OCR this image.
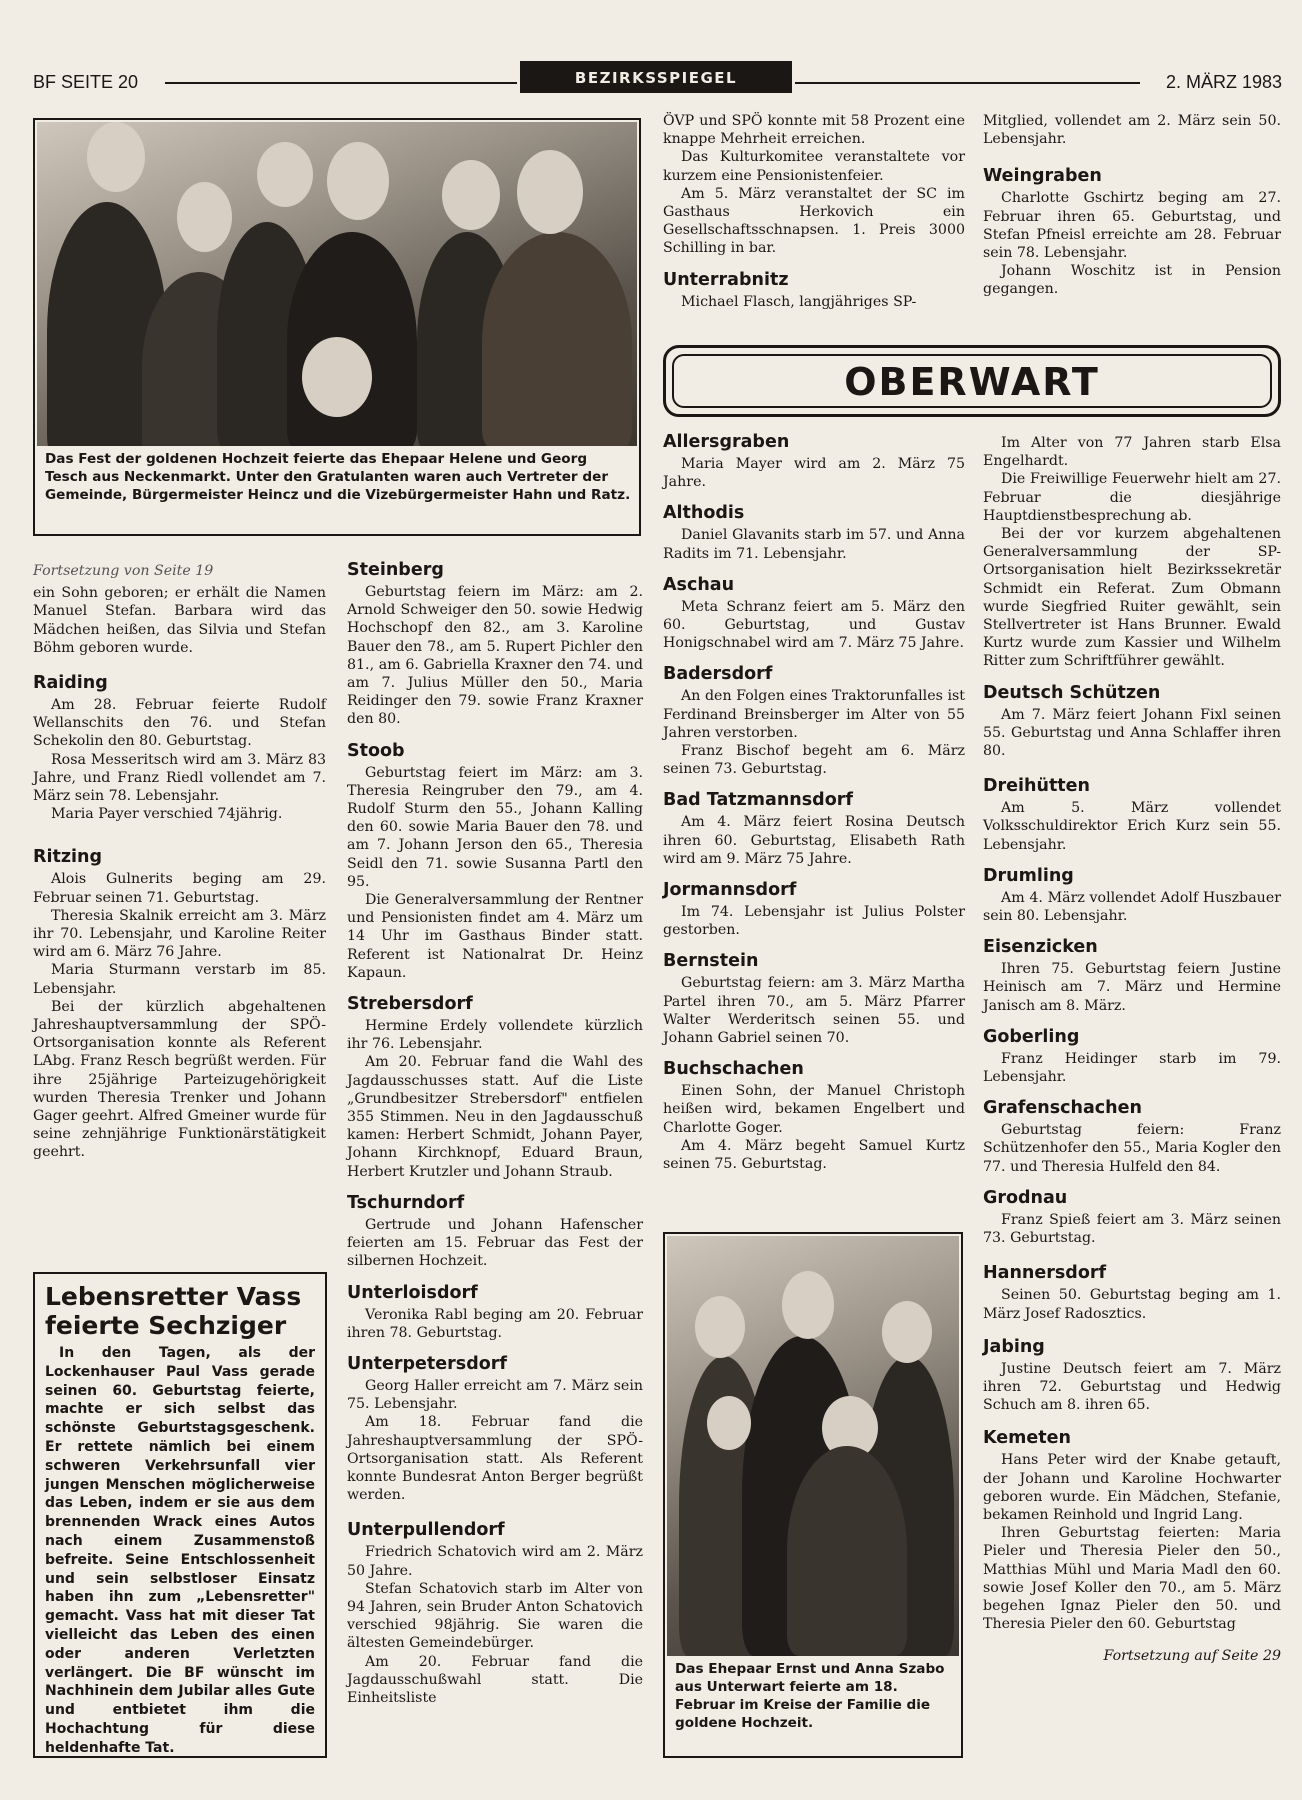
BF SEITE 20	BEZIRKSSPIEGEL	2. MÄRZ 1983
Das Fest der goldenen Hochzeit feierte das Ehepaar Helene und Georg Tesch aus Neckenmarkt. Unter den Gratulanten waren auch Vertreter der Gemeinde, Bürgermeister Heincz und die Vizebürgermeister Hahn und Ratz.

Fortsetzung von Seite 19

ein Sohn geboren; er erhält die Namen Manuel Stefan. Barbara wird das Mädchen heißen, das Silvia und Stefan Böhm geboren wurde.

Raiding

Am 28. Februar feierte Rudolf Wellanschits den 76. und Stefan Schekolin den 80. Geburtstag.

Rosa Messeritsch wird am 3. März 83 Jahre, und Franz Riedl vollendet am 7. März sein 78. Lebensjahr.

Maria Payer verschied 74jährig.

Ritzing

Alois Gulnerits beging am 29. Februar seinen 71. Geburtstag.

Theresia Skalnik erreicht am 3. März ihr 70. Lebensjahr, und Karoline Reiter wird am 6. März 76 Jahre.

Maria Sturmann verstarb im 85. Lebensjahr.

Bei der kürzlich abgehaltenen Jahreshauptversammlung der SPÖ-Ortsorganisation konnte als Referent LAbg. Franz Resch begrüßt werden. Für ihre 25jährige Parteizugehörigkeit wurden Theresia Trenker und Johann Gager geehrt. Alfred Gmeiner wurde für seine zehnjährige Funktionärstätigkeit geehrt.

Lebensretter Vass feierte Sechziger

In den Tagen, als der Lockenhauser Paul Vass gerade seinen 60. Geburtstag feierte, machte er sich selbst das schönste Geburtstagsgeschenk. Er rettete nämlich bei einem schweren Verkehrsunfall vier jungen Menschen möglicherweise das Leben, indem er sie aus dem brennenden Wrack eines Autos nach einem Zusammenstoß befreite. Seine Entschlossenheit und sein selbstloser Einsatz haben ihn zum „Lebensretter" gemacht. Vass hat mit dieser Tat vielleicht das Leben des einen oder anderen Verletzten verlängert. Die BF wünscht im Nachhinein dem Jubilar alles Gute und entbietet ihm die Hochachtung für diese heldenhafte Tat.

Steinberg

Geburtstag feiern im März: am 2. Arnold Schweiger den 50. sowie Hedwig Hochschopf den 82., am 3. Karoline Bauer den 78., am 5. Rupert Pichler den 81., am 6. Gabriella Kraxner den 74. und am 7. Julius Müller den 50., Maria Reidinger den 79. sowie Franz Kraxner den 80.

Stoob

Geburtstag feiert im März: am 3. Theresia Reingruber den 79., am 4. Rudolf Sturm den 55., Johann Kalling den 60. sowie Maria Bauer den 78. und am 7. Johann Jerson den 65., Theresia Seidl den 71. sowie Susanna Partl den 95.

Die Generalversammlung der Rentner und Pensionisten findet am 4. März um 14 Uhr im Gasthaus Binder statt. Referent ist Nationalrat Dr. Heinz Kapaun.

Strebersdorf

Hermine Erdely vollendete kürzlich ihr 76. Lebensjahr.

Am 20. Februar fand die Wahl des Jagdausschusses statt. Auf die Liste „Grundbesitzer Strebersdorf" entfielen 355 Stimmen. Neu in den Jagdausschuß kamen: Herbert Schmidt, Johann Payer, Johann Kirchknopf, Eduard Braun, Herbert Krutzler und Johann Straub.

Tschurndorf

Gertrude und Johann Hafenscher feierten am 15. Februar das Fest der silbernen Hochzeit.

Unterloisdorf

Veronika Rabl beging am 20. Februar ihren 78. Geburtstag.

Unterpetersdorf

Georg Haller erreicht am 7. März sein 75. Lebensjahr.

Am 18. Februar fand die Jahreshauptversammlung der SPÖ-Ortsorganisation statt. Als Referent konnte Bundesrat Anton Berger begrüßt werden.

Unterpullendorf

Friedrich Schatovich wird am 2. März 50 Jahre.

Stefan Schatovich starb im Alter von 94 Jahren, sein Bruder Anton Schatovich verschied 98jährig. Sie waren die ältesten Gemeindebürger.

Am 20. Februar fand die Jagdausschußwahl statt. Die Einheitsliste

ÖVP und SPÖ konnte mit 58 Prozent eine knappe Mehrheit erreichen.

Das Kulturkomitee veranstaltete vor kurzem eine Pensionistenfeier.

Am 5. März veranstaltet der SC im Gasthaus Herkovich ein Gesellschaftsschnapsen. 1. Preis 3000 Schilling in bar.

Unterrabnitz

Michael Flasch, langjähriges SP-

Mitglied, vollendet am 2. März sein 50. Lebensjahr.

Weingraben

Charlotte Gschirtz beging am 27. Februar ihren 65. Geburtstag, und Stefan Pfneisl erreichte am 28. Februar sein 78. Lebensjahr.

Johann Woschitz ist in Pension gegangen.

OBERWART
Allersgraben

Maria Mayer wird am 2. März 75 Jahre.

Althodis

Daniel Glavanits starb im 57. und Anna Radits im 71. Lebensjahr.

Aschau

Meta Schranz feiert am 5. März den 60. Geburtstag, und Gustav Honigschnabel wird am 7. März 75 Jahre.

Badersdorf

An den Folgen eines Traktorunfalles ist Ferdinand Breinsberger im Alter von 55 Jahren verstorben.

Franz Bischof begeht am 6. März seinen 73. Geburtstag.

Bad Tatzmannsdorf

Am 4. März feiert Rosina Deutsch ihren 60. Geburtstag, Elisabeth Rath wird am 9. März 75 Jahre.

Jormannsdorf

Im 74. Lebensjahr ist Julius Polster gestorben.

Bernstein

Geburtstag feiern: am 3. März Martha Partel ihren 70., am 5. März Pfarrer Walter Werderitsch seinen 55. und Johann Gabriel seinen 70.

Buchschachen

Einen Sohn, der Manuel Christoph heißen wird, bekamen Engelbert und Charlotte Goger.

Am 4. März begeht Samuel Kurtz seinen 75. Geburtstag.

Das Ehepaar Ernst und Anna Szabo aus Unterwart feierte am 18. Februar im Kreise der Familie die goldene Hochzeit.

Im Alter von 77 Jahren starb Elsa Engelhardt.

Die Freiwillige Feuerwehr hielt am 27. Februar die diesjährige Hauptdienstbesprechung ab.

Bei der vor kurzem abgehaltenen Generalversammlung der SP-Ortsorganisation hielt Bezirkssekretär Schmidt ein Referat. Zum Obmann wurde Siegfried Ruiter gewählt, sein Stellvertreter ist Hans Brunner. Ewald Kurtz wurde zum Kassier und Wilhelm Ritter zum Schriftführer gewählt.

Deutsch Schützen

Am 7. März feiert Johann Fixl seinen 55. Geburtstag und Anna Schlaffer ihren 80.

Dreihütten

Am 5. März vollendet Volksschuldirektor Erich Kurz sein 55. Lebensjahr.

Drumling

Am 4. März vollendet Adolf Huszbauer sein 80. Lebensjahr.

Eisenzicken

Ihren 75. Geburtstag feiern Justine Heinisch am 7. März und Hermine Janisch am 8. März.

Goberling

Franz Heidinger starb im 79. Lebensjahr.

Grafenschachen

Geburtstag feiern: Franz Schützenhofer den 55., Maria Kogler den 77. und Theresia Hulfeld den 84.

Grodnau

Franz Spieß feiert am 3. März seinen 73. Geburtstag.

Hannersdorf

Seinen 50. Geburtstag beging am 1. März Josef Radosztics.

Jabing

Justine Deutsch feiert am 7. März ihren 72. Geburtstag und Hedwig Schuch am 8. ihren 65.

Kemeten

Hans Peter wird der Knabe getauft, der Johann und Karoline Hochwarter geboren wurde. Ein Mädchen, Stefanie, bekamen Reinhold und Ingrid Lang.

Ihren Geburtstag feierten: Maria Pieler und Theresia Pieler den 50., Matthias Mühl und Maria Madl den 60. sowie Josef Koller den 70., am 5. März begehen Ignaz Pieler den 50. und Theresia Pieler den 60. Geburtstag

Fortsetzung auf Seite 29
